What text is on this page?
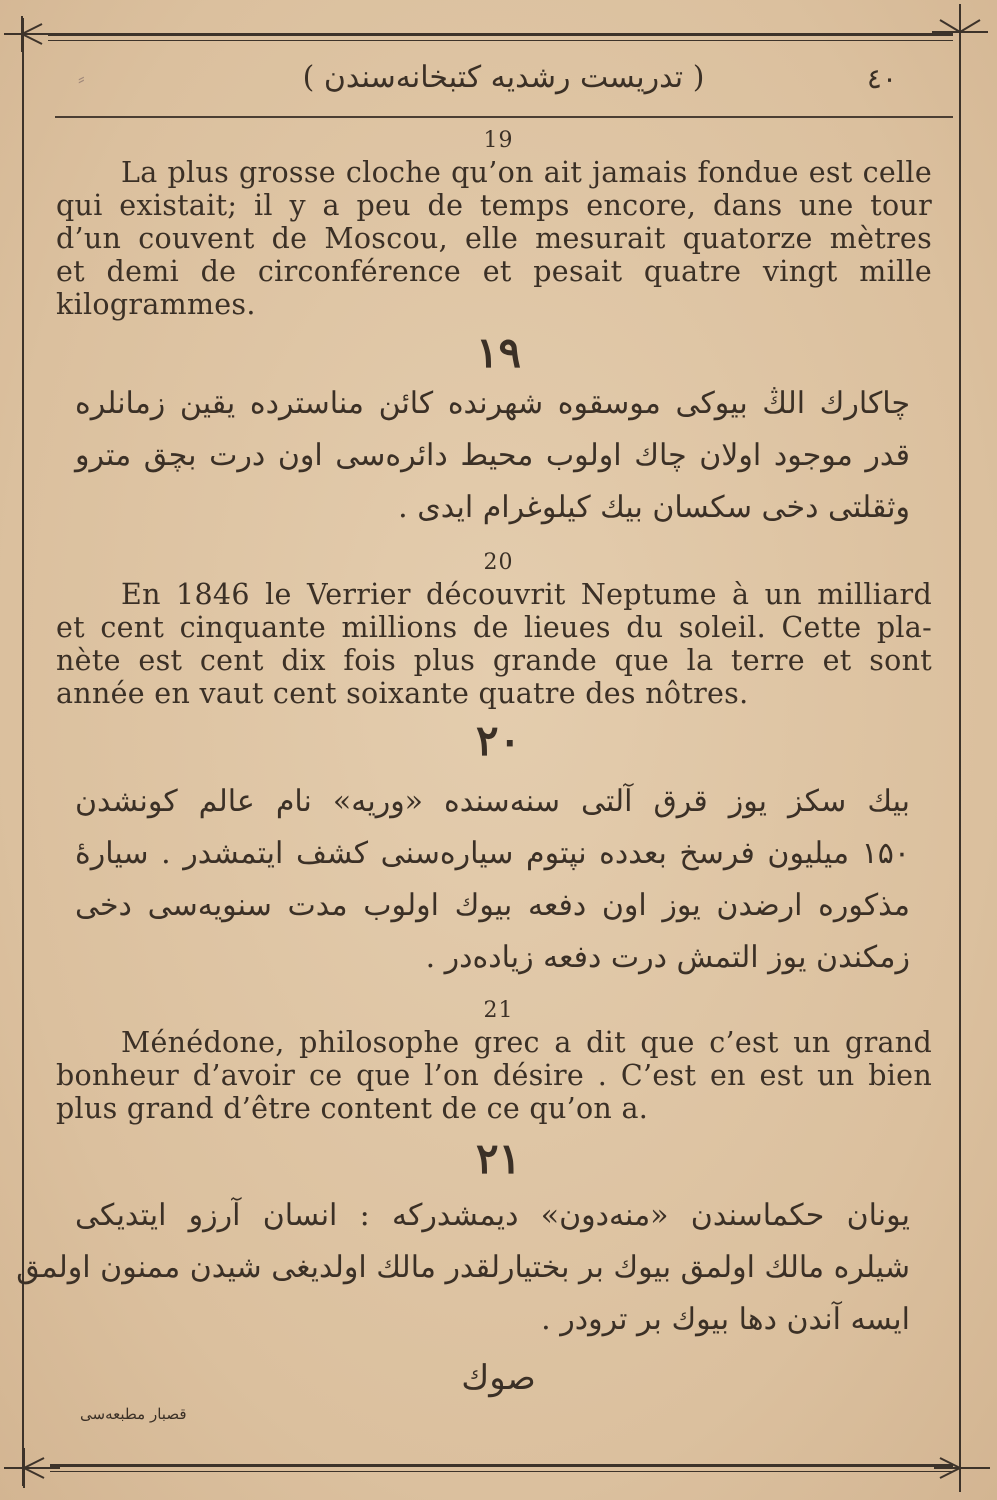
⸗	( تدریست رشدیه کتبخانه‌سندن )	٤٠
19
La plus grosse cloche qu’on ait jamais fondue est celle
qui existait; il y a peu de temps encore, dans une tour
d’un couvent de Moscou, elle mesurait quatorze mètres
et demi de circonférence et pesait quatre vingt mille
kilogrammes.
١٩
چاکارك الڭ بیوکی موسقوه شهرنده کائن مناسترده یقین زمانلره
قدر موجود اولان چاك اولوب محیط دائره‌سی اون درت بچق مترو
وثقلتی دخی سکسان بیك کیلوغرام ایدی .
20
En 1846 le Verrier découvrit Neptume à un milliard
et cent cinquante millions de lieues du soleil. Cette pla-
nète est cent dix fois plus grande que la terre et sont
année en vaut cent soixante quatre des nôtres.
٢٠
بیك سکز یوز قرق آلتی سنه‌سنده «وریه» نام عالم کونشدن
۱۵۰ میلیون فرسخ بعدده نپتوم سیاره‌سنی کشف ایتمشدر . سیارهٔ
مذکوره ارضدن یوز اون دفعه بیوك اولوب مدت سنویه‌سی دخی
زمکندن یوز التمش درت دفعه زیاده‌در .
21
Ménédone, philosophe grec a dit que c’est un grand
bonheur d’avoir ce que l’on désire . C’est en est un bien
plus grand d’être content de ce qu’on a.
٢١
یونان حکماسندن «منه‌دون» دیمشدرکه : انسان آرزو ایتدیکی
شیلره مالك اولمق بیوك بر بختیارلقدر مالك اولدیغی شیدن ممنون اولمق
ایسه آندن دها بیوك بر ترودر .
صوك
قصبار مطبعه‌سی
